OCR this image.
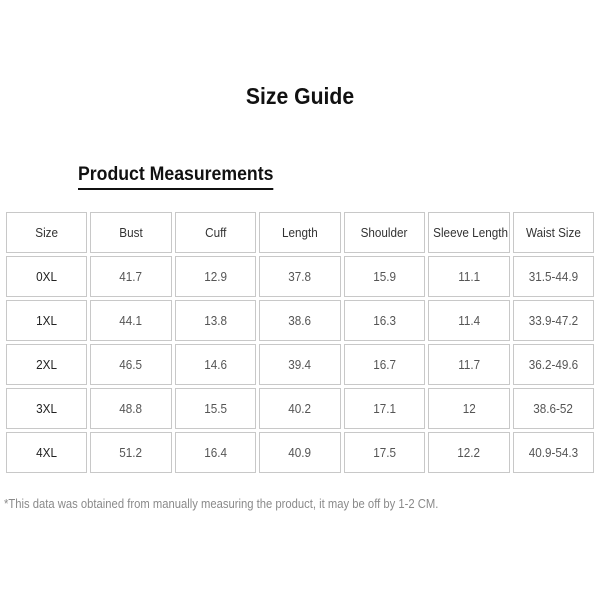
Size Guide
Product Measurements
Size	Bust	Cuff	Length	Shoulder	Sleeve Length	Waist Size
0XL	41.7	12.9	37.8	15.9	11.1	31.5-44.9
1XL	44.1	13.8	38.6	16.3	11.4	33.9-47.2
2XL	46.5	14.6	39.4	16.7	11.7	36.2-49.6
3XL	48.8	15.5	40.2	17.1	12	38.6-52
4XL	51.2	16.4	40.9	17.5	12.2	40.9-54.3
*This data was obtained from manually measuring the product, it may be off by 1-2 CM.
